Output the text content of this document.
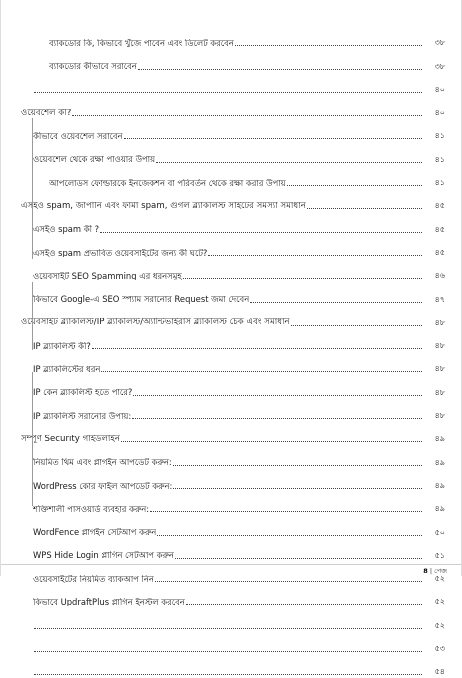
ব্যাকডোর কি, কিভাবে খুঁজে পাবেন এবং ডিলেট করবেন	৩৮
ব্যাকডোর কীভাবে সরাবেন	৩৮
৪০
ওয়েবশেল কী?	৪০
কীভাবে ওয়েবশেল সরাবেন	৪১
ওয়েবশেল থেকে রক্ষা পাওয়ার উপায়	৪১
আপলোডস ফোল্ডারকে ইনজেকশন বা পরিবর্তন থেকে রক্ষা করার উপায়	৪১
এসইও spam, জাপানি এবং ফার্মা spam, গুগল ব্ল্যাকলিস্ট সাইটের সমস্যা সমাধান	৪৫
এসইও spam কী ?	৪৫
এসইও spam প্রভাবিত ওয়েবসাইটের জন্য কী ঘটে?	৪৫
ওয়েবসাইট SEO Spamming এর ধরনসমূহ	৪৬
কিভাবে Google-এ SEO স্প্যাম সরানোর Request জমা দেবেন	৪৭
ওয়েবসাইট ব্ল্যাকলিস্ট/IP ব্ল্যাকলিস্ট/অ্যান্টিভাইরাস ব্ল্যাকলিস্ট চেক এবং সমাধান	৪৮
IP ব্ল্যাকলিস্ট কী?	৪৮
IP ব্ল্যাকলিস্টের ধরন	৪৮
IP কেন ব্ল্যাকলিস্ট হতে পারে?	৪৮
IP ব্ল্যাকলিস্ট সরানোর উপায়:	৪৮
সম্পূর্ণ Security গাইডলাইন	৪৯
নিয়মিত থিম এবং প্লাগইন আপডেট করুন:	৪৯
WordPress কোর ফাইল আপডেট করুন:	৪৯
শক্তিশালী পাসওয়ার্ড ব্যবহার করুন:	৪৯
WordFence প্লাগইন সেটআপ করুন	৫০
WPS Hide Login প্লাগিন সেটআপ করুন	৫১
ওয়েবসাইটের নিয়মিত ব্যাকআপ নিন	৫২
কিভাবে UpdraftPlus প্লাগিন ইনস্টল করবেন	৫২
৫২
৫৩
৫৪
8 | পেজ
